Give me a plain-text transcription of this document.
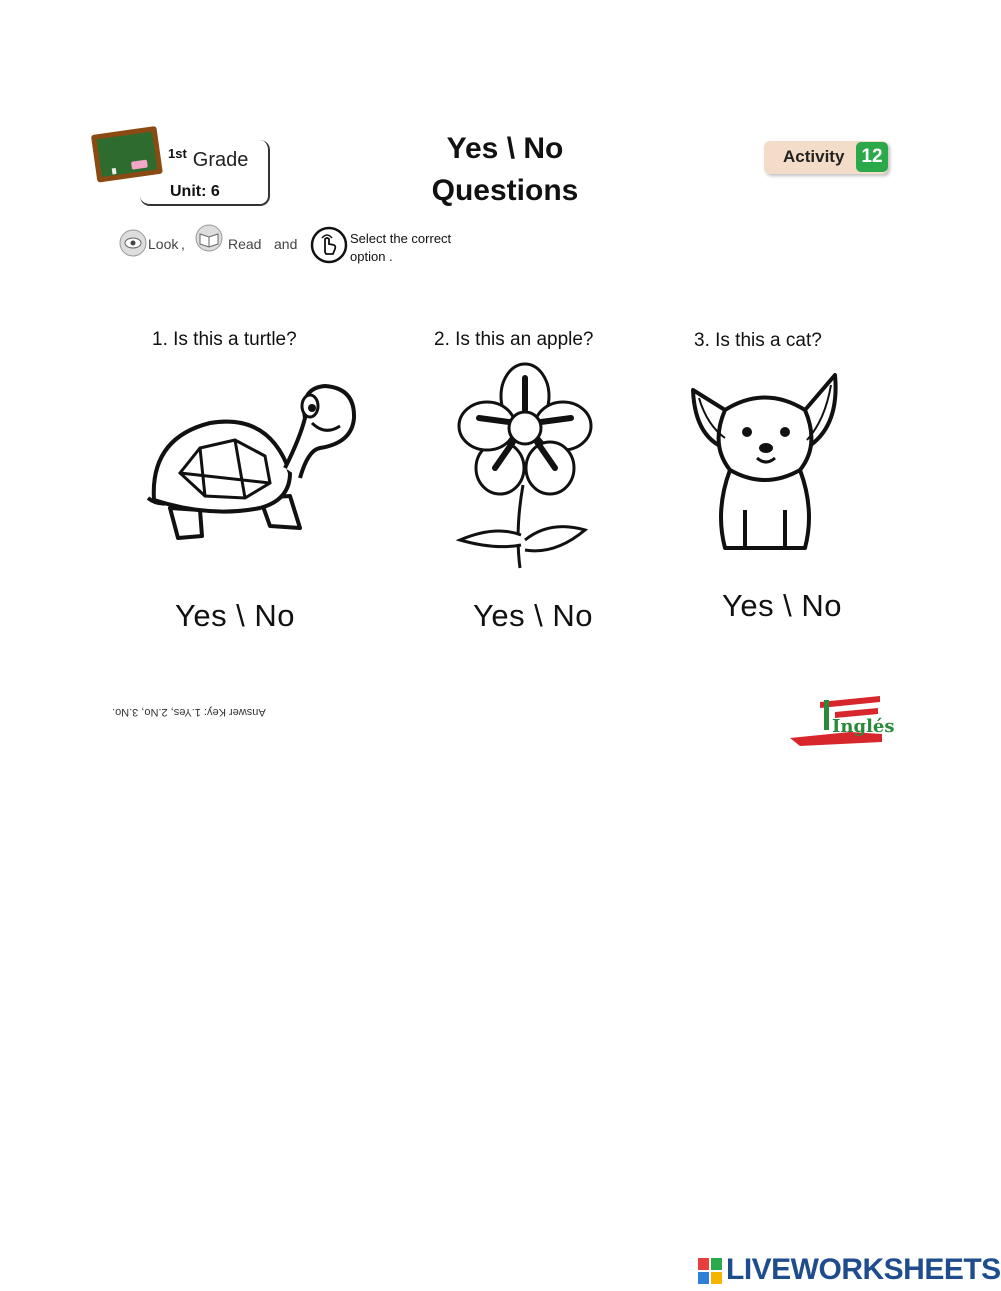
$^{1st}$ Grade
Unit: 6
Yes \ No
Questions
Activity 12
Look ,	Read and	Select the correct option .
1. Is this a turtle?
Yes \ No
2. Is this an apple?
Yes \ No
3. Is this a cat?
Yes \ No
Answer Key: 1.Yes, 2.No, 3.No.
Inglés
LIVEWORKSHEETS
